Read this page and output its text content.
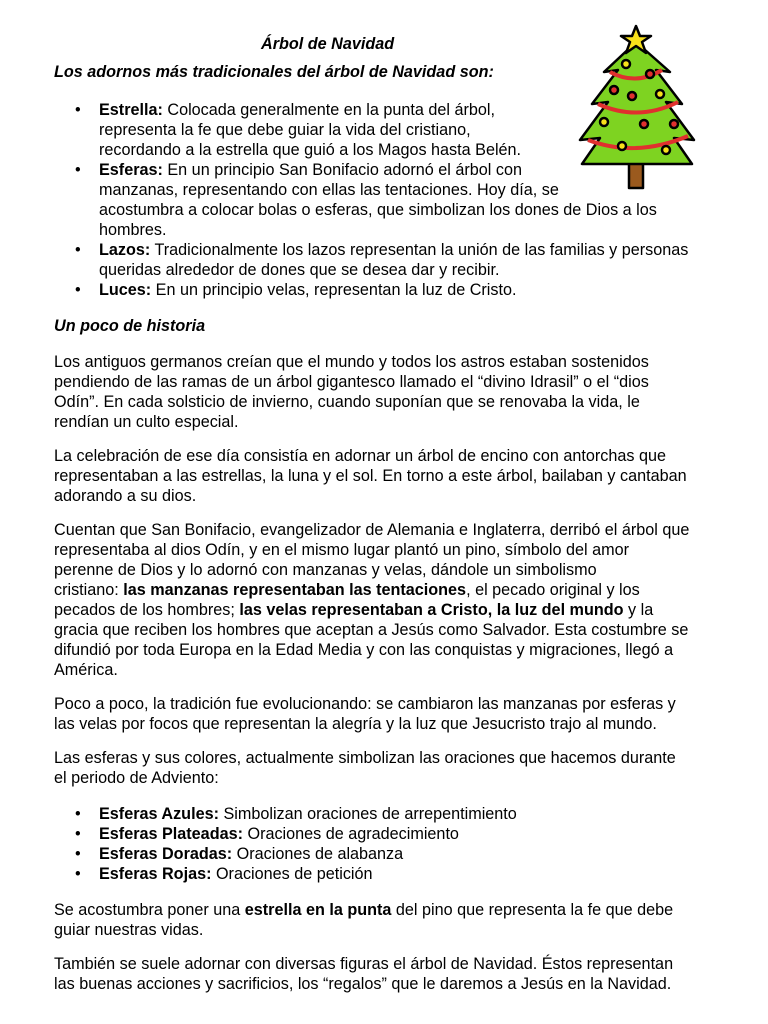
Árbol de Navidad
Los adornos más tradicionales del árbol de Navidad son:
• Estrella: Colocada generalmente en la punta del árbol,
representa la fe que debe guiar la vida del cristiano,
recordando a la estrella que guió a los Magos hasta Belén.
• Esferas: En un principio San Bonifacio adornó el árbol con
manzanas, representando con ellas las tentaciones. Hoy día, se
acostumbra a colocar bolas o esferas, que simbolizan los dones de Dios a los
hombres.
• Lazos: Tradicionalmente los lazos representan la unión de las familias y personas
queridas alrededor de dones que se desea dar y recibir.
• Luces: En un principio velas, representan la luz de Cristo.
Un poco de historia

Los antiguos germanos creían que el mundo y todos los astros estaban sostenidos
pendiendo de las ramas de un árbol gigantesco llamado el “divino Idrasil” o el “dios
Odín”. En cada solsticio de invierno, cuando suponían que se renovaba la vida, le
rendían un culto especial.

La celebración de ese día consistía en adornar un árbol de encino con antorchas que
representaban a las estrellas, la luna y el sol. En torno a este árbol, bailaban y cantaban
adorando a su dios.

Cuentan que San Bonifacio, evangelizador de Alemania e Inglaterra, derribó el árbol que
representaba al dios Odín, y en el mismo lugar plantó un pino, símbolo del amor
perenne de Dios y lo adornó con manzanas y velas, dándole un simbolismo
cristiano: las manzanas representaban las tentaciones, el pecado original y los
pecados de los hombres; las velas representaban a Cristo, la luz del mundo y la
gracia que reciben los hombres que aceptan a Jesús como Salvador. Esta costumbre se
difundió por toda Europa en la Edad Media y con las conquistas y migraciones, llegó a
América.

Poco a poco, la tradición fue evolucionando: se cambiaron las manzanas por esferas y
las velas por focos que representan la alegría y la luz que Jesucristo trajo al mundo.

Las esferas y sus colores, actualmente simbolizan las oraciones que hacemos durante
el periodo de Adviento:

• Esferas Azules: Simbolizan oraciones de arrepentimiento
• Esferas Plateadas: Oraciones de agradecimiento
• Esferas Doradas: Oraciones de alabanza
• Esferas Rojas: Oraciones de petición

Se acostumbra poner una estrella en la punta del pino que representa la fe que debe
guiar nuestras vidas.

También se suele adornar con diversas figuras el árbol de Navidad. Éstos representan
las buenas acciones y sacrificios, los “regalos” que le daremos a Jesús en la Navidad.
